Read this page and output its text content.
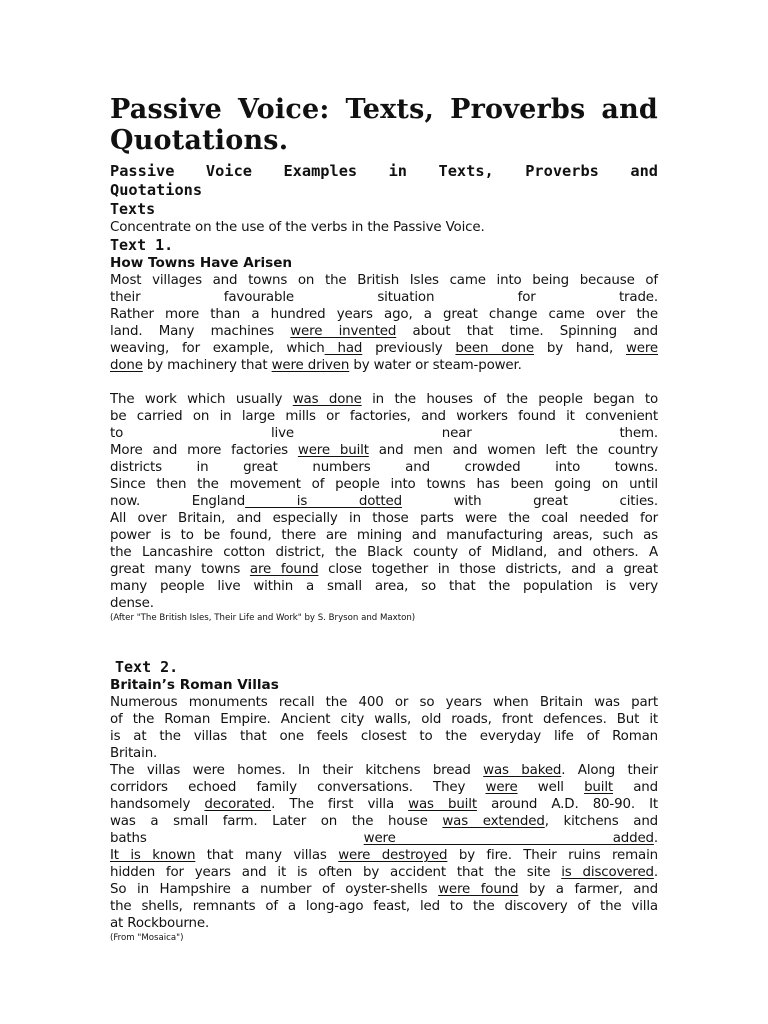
Passive Voice: Texts, Proverbs and
Quotations.
Passive Voice Examples in Texts, Proverbs and
Quotations
Texts

Concentrate on the use of the verbs in the Passive Voice.

Text 1.
How Towns Have Arisen

Most villages and towns on the British Isles came into being because of
their favourable situation for trade.
Rather more than a hundred years ago, a great change came over the
land. Many machines were invented about that time. Spinning and
weaving, for example, which had previously been done by hand, were
done by machinery that were driven by water or steam-power.

The work which usually was done in the houses of the people began to
be carried on in large mills or factories, and workers found it convenient
to live near them.
More and more factories were built and men and women left the country
districts in great numbers and crowded into towns.
Since then the movement of people into towns has been going on until
now. England is dotted with great cities.
All over Britain, and especially in those parts were the coal needed for
power is to be found, there are mining and manufacturing areas, such as
the Lancashire cotton district, the Black county of Midland, and others. A
great many towns are found close together in those districts, and a great
many people live within a small area, so that the population is very
dense.

(After "The British Isles, Their Life and Work" by S. Bryson and Maxton)

Text 2.
Britain’s Roman Villas

Numerous monuments recall the 400 or so years when Britain was part
of the Roman Empire. Ancient city walls, old roads, front defences. But it
is at the villas that one feels closest to the everyday life of Roman
Britain.

The villas were homes. In their kitchens bread was baked. Along their
corridors echoed family conversations. They were well built and
handsomely decorated. The first villa was built around A.D. 80-90. It
was a small farm. Later on the house was extended, kitchens and
baths were added.
It is known that many villas were destroyed by fire. Their ruins remain
hidden for years and it is often by accident that the site is discovered.
So in Hampshire a number of oyster-shells were found by a farmer, and
the shells, remnants of a long-ago feast, led to the discovery of the villa
at Rockbourne.

(From "Mosaica")
